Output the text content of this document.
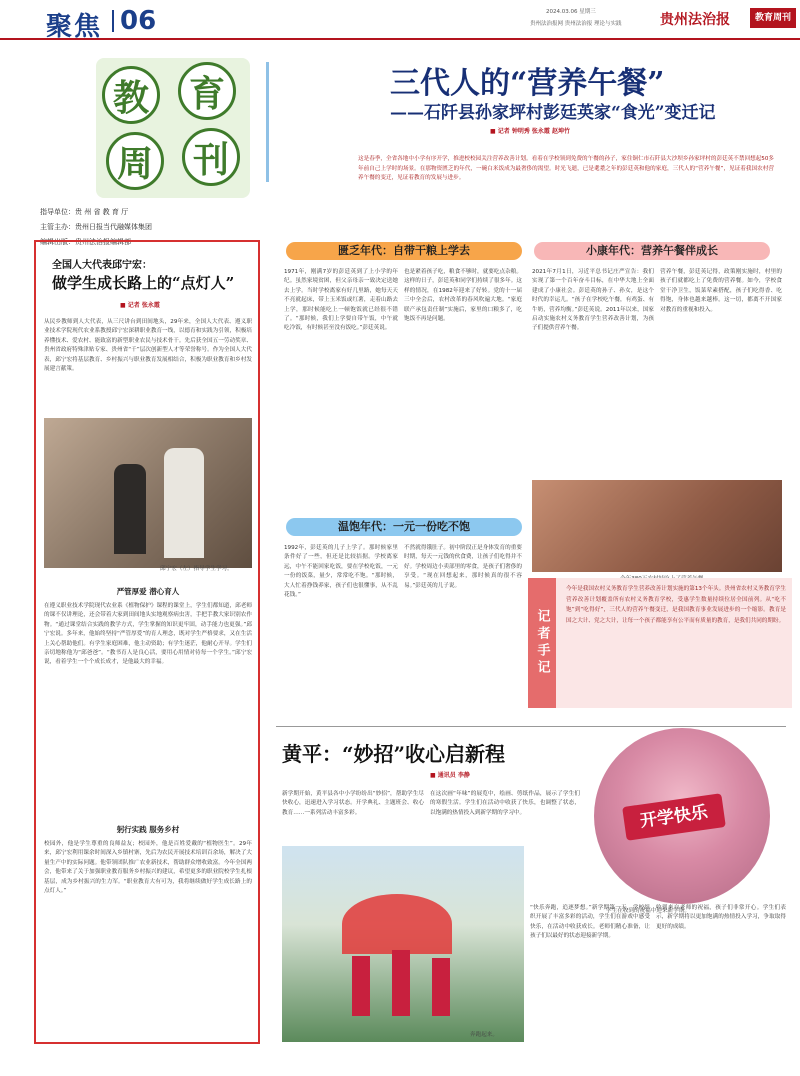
聚焦 06	2024.03.06 星期三
贵州法治报网 贵州法治报 理论与实践	贵州法治报	教育周刊
教	育
周	刊
指导单位：贵 州 省 教 育 厅
主管主办：贵州日报当代融媒体集团
编辑出版：贵州法治报编辑部
全国人大代表邱宁宏：
做学生成长路上的“点灯人”
■ 记者 张永霞
从民乡教师到人大代表，从三尺讲台到田间地头，29年来，全国人大代表、遵义职业技术学院现代农业系教授邱宁宏深耕职业教育一线，以德育和实践为引领，积极培养懂技术、爱农村、能致富的新型职业农民与技术骨干。先后获全国五一劳动奖章、贵州省政府特殊津贴专家、贵州省“千”层次创新型人才等荣誉称号。作为全国人大代表，邱宁宏将基层教育、乡村振兴与职业教育发展相结合，积极为职业教育和乡村发展建言献策。
邱宁宏（左）指导学生学习。
严管厚爱 潜心育人
在遵义职业技术学院现代农业系《植物保护》课程的课堂上，学生们都知道，邱老师的课不仅讲理论，还会带着大家到田间地头实地观察病虫害，手把手教大家识别农作物。“通过课堂结合实践的教学方式，学生掌握的知识更牢固，动手能力也更强。”邱宁宏说。多年来，他始终坚持“严管厚爱”的育人理念，既对学生严格要求，又在生活上关心帮助他们。有学生家庭困难，他主动资助；有学生迷茫，他耐心开导。学生们亲切地称他为“邱爸爸”。“教书育人是良心活，要用心用情对待每一个学生。”邱宁宏说，看着学生一个个成长成才，是他最大的幸福。
躬行实践 服务乡村
校园外，他是学生尊重的良师益友；校园外，他是百姓爱戴的“植物医生”。29年来，邱宁宏利用课余时间深入乡镇村寨，先后为农民开展技术培训百余场，解决了大量生产中的实际问题。他带领团队推广农业新技术，帮助群众增收致富。今年全国两会，他带来了关于加强职业教育服务乡村振兴的建议，希望更多的职业院校学生扎根基层，成为乡村振兴的生力军。“职业教育大有可为，我将继续做好学生成长路上的点灯人。”
三代人的“营养午餐”
——石阡县孙家坪村彭廷英家“食光”变迁记
■ 记者 钟明秀 张永霞 赵坤竹
这是春季，全省各地中小学有序开学，推进校校园关注营养改善计划。看着在学校领到免费的午餐的孙子，家住铜仁市石阡县大沙坝乡孙家坪村的彭廷英不禁回想起50多年前自己上学时的场景。在那物资匮乏的年代，一碗白米饭成为最奢侈的渴望。时光飞逝，已是耄耋之年的彭廷英和他的家庭，三代人的“营养午餐”，见证着我国农村营养午餐的变迁，见证着教育的发展与进步。
匮乏年代：自带干粮上学去
1971年，刚满7岁的彭廷英到了上小学的年纪。虽然家境贫困，但父亲母亲一致决定送她去上学。当时学校离家有好几里路，她每天天不亮就起床，带上玉米饭或红薯，走着山路去上学，那时候能吃上一顿饱饭就已经很不错了。“那时候，我们上学要自带午饭，中午就吃冷饭，有时候甚至没有饭吃。”彭廷英说。
也是紧着孩子吃，粮食不够时，就要吃点杂粮。这样的日子，彭廷英和同学们持续了很多年。这样的情况，在1982年迎来了好转。党的十一届三中全会后，农村改革的春风吹遍大地。“家庭联产承包责任制”实施后，家里的口粮多了，吃饱饭不再是问题。
小康年代：营养午餐伴成长
2021年7月1日，习近平总书记庄严宣告：我们实现了第一个百年奋斗目标，在中华大地上全面建成了小康社会。彭廷英的孙子、孙女，是这个时代的幸运儿。“孩子在学校吃午餐，有鸡蛋、有牛奶，营养均衡。”彭廷英说。2011年以来，国家启动实施农村义务教育学生营养改善计划，为孩子们提供营养午餐。
营养午餐，彭廷英记得，政策刚实施时，村里的孩子们就都吃上了免费的营养餐。如今，学校食堂干净卫生，饭菜荤素搭配，孩子们吃得香、吃得饱，身体也越来越棒。这一切，都离不开国家对教育的重视和投入。
温饱年代：一元一份吃不饱
1992年，彭廷英的儿子上学了。那时候家里条件好了一些，但还是比较拮据。学校离家远，中午不能回家吃饭，要在学校吃饭，一元一份的饭菜，量少，常常吃不饱。“那时候，大人忙着挣钱养家，孩子们也很懂事，从不乱花钱。”
不然就得饿肚子。初中阶段正是身体发育的重要时期，每天一元钱的伙食费，让孩子们吃得并不好。学校周边小卖部里的零食，是孩子们奢侈的享受。“现在回想起来，那时候真的很不容易。”彭廷英的儿子说。
记者手记
今年是我国农村义务教育学生营养改善计划实施的第13个年头。贵州省农村义务教育学生营养改善计划覆盖所有农村义务教育学校，受惠学生数量持续位居全国前列。从“吃不饱”到“吃得好”，三代人的营养午餐变迁，是我国教育事业发展进步的一个缩影。教育是国之大计、党之大计，让每一个孩子都能享有公平而有质量的教育，是我们共同的期盼。
黄平：“妙招”收心启新程
■ 通讯员 李静
新学期开始，黄平县各中小学纷纷出“妙招”，帮助学生尽快收心，迅速进入学习状态。开学典礼、主题班会、收心教育……一系列活动丰富多彩。
在这次画“年味”的展览中，绘画、剪纸作品，展示了学生们的寒假生活。学生们在活动中收获了快乐，也调整了状态，以饱满的热情投入到新学期的学习中。
奔跑起来。
“快乐奔跑，追逐梦想。”新学期第一天，学校组织开展了丰富多彩的活动，学生们在游戏中感受快乐，在活动中收获成长。老师们精心准备，让孩子们以最好的状态迎接新学期。
收到来自老师的祝福，孩子们非常开心。学生们表示，新学期将以更加饱满的热情投入学习，争取取得更好的成绩。
开学快乐
学生在收到的祝福中迎来新学期。
